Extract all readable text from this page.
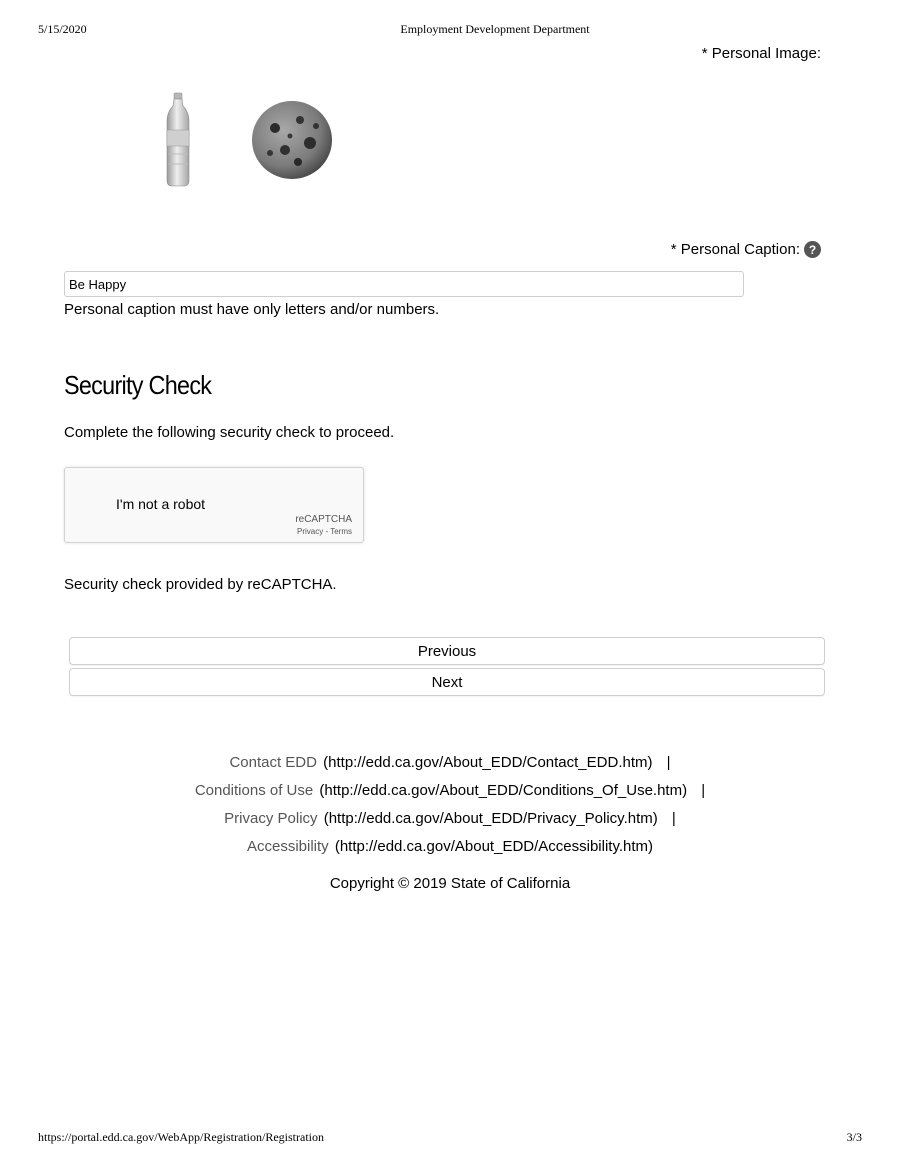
5/15/2020	Employment Development Department
* Personal Image:
* Personal Caption: ?
Be Happy
Personal caption must have only letters and/or numbers.
Security Check
Complete the following security check to proceed.
I'm not a robot
reCAPTCHA
Privacy - Terms
Security check provided by reCAPTCHA.
Previous
Next
Contact EDD (http://edd.ca.gov/About_EDD/Contact_EDD.htm) |
Conditions of Use (http://edd.ca.gov/About_EDD/Conditions_Of_Use.htm) |
Privacy Policy (http://edd.ca.gov/About_EDD/Privacy_Policy.htm) |
Accessibility (http://edd.ca.gov/About_EDD/Accessibility.htm)
Copyright © 2019 State of California
https://portal.edd.ca.gov/WebApp/Registration/Registration	3/3
